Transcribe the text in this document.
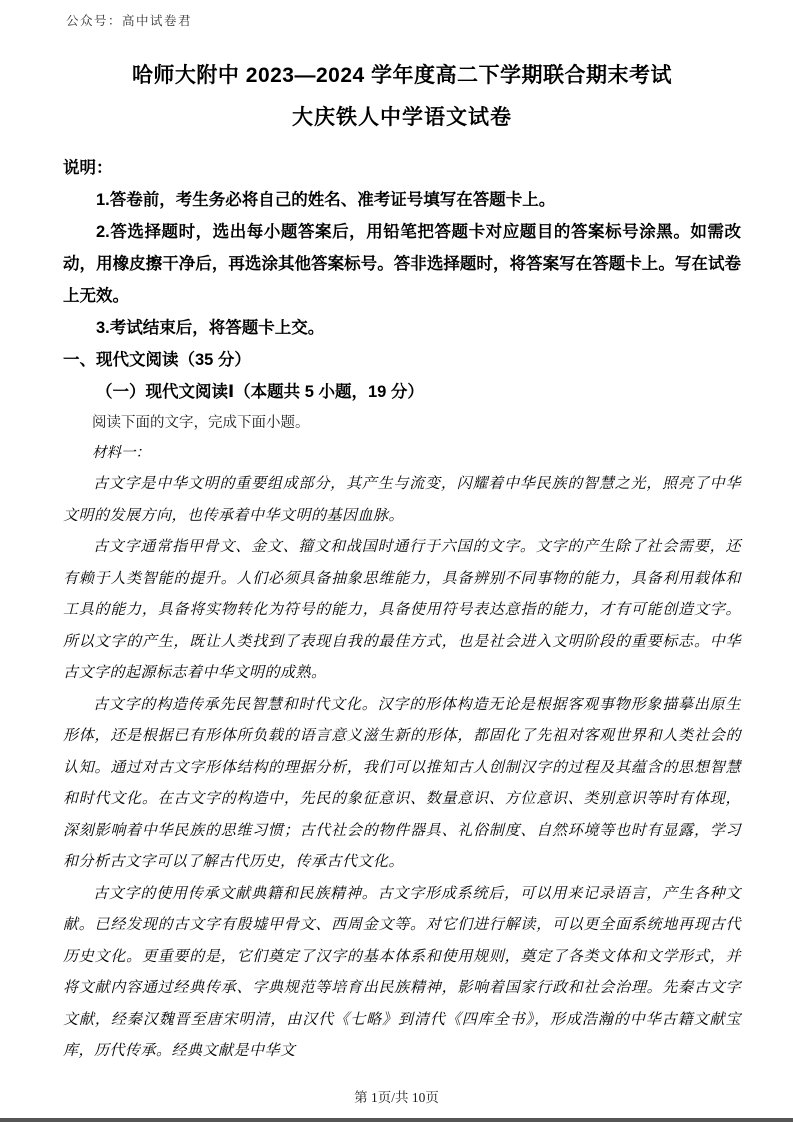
公众号：高中试卷君
哈师大附中 2023—2024 学年度高二下学期联合期末考试
大庆铁人中学语文试卷
说明：

1.答卷前，考生务必将自己的姓名、准考证号填写在答题卡上。

2.答选择题时，选出每小题答案后，用铅笔把答题卡对应题目的答案标号涂黑。如需改动，用橡皮擦干净后，再选涂其他答案标号。答非选择题时，将答案写在答题卡上。写在试卷上无效。

3.考试结束后，将答题卡上交。

一、现代文阅读（35 分）
（一）现代文阅读Ⅰ（本题共 5 小题，19 分）

阅读下面的文字，完成下面小题。

材料一：

古文字是中华文明的重要组成部分，其产生与流变，闪耀着中华民族的智慧之光，照亮了中华文明的发展方向，也传承着中华文明的基因血脉。

古文字通常指甲骨文、金文、籀文和战国时通行于六国的文字。文字的产生除了社会需要，还有赖于人类智能的提升。人们必须具备抽象思维能力，具备辨别不同事物的能力，具备利用载体和工具的能力，具备将实物转化为符号的能力，具备使用符号表达意指的能力，才有可能创造文字。所以文字的产生，既让人类找到了表现自我的最佳方式，也是社会进入文明阶段的重要标志。中华古文字的起源标志着中华文明的成熟。

古文字的构造传承先民智慧和时代文化。汉字的形体构造无论是根据客观事物形象描摹出原生形体，还是根据已有形体所负载的语言意义滋生新的形体，都固化了先祖对客观世界和人类社会的认知。通过对古文字形体结构的理据分析，我们可以推知古人创制汉字的过程及其蕴含的思想智慧和时代文化。在古文字的构造中，先民的象征意识、数量意识、方位意识、类别意识等时有体现，深刻影响着中华民族的思维习惯；古代社会的物件器具、礼俗制度、自然环境等也时有显露，学习和分析古文字可以了解古代历史，传承古代文化。

古文字的使用传承文献典籍和民族精神。古文字形成系统后，可以用来记录语言，产生各种文献。已经发现的古文字有殷墟甲骨文、西周金文等。对它们进行解读，可以更全面系统地再现古代历史文化。更重要的是，它们奠定了汉字的基本体系和使用规则，奠定了各类文体和文学形式，并将文献内容通过经典传承、字典规范等培育出民族精神，影响着国家行政和社会治理。先秦古文字文献，经秦汉魏晋至唐宋明清，由汉代《七略》到清代《四库全书》，形成浩瀚的中华古籍文献宝库，历代传承。经典文献是中华文

第 1页/共 10页
